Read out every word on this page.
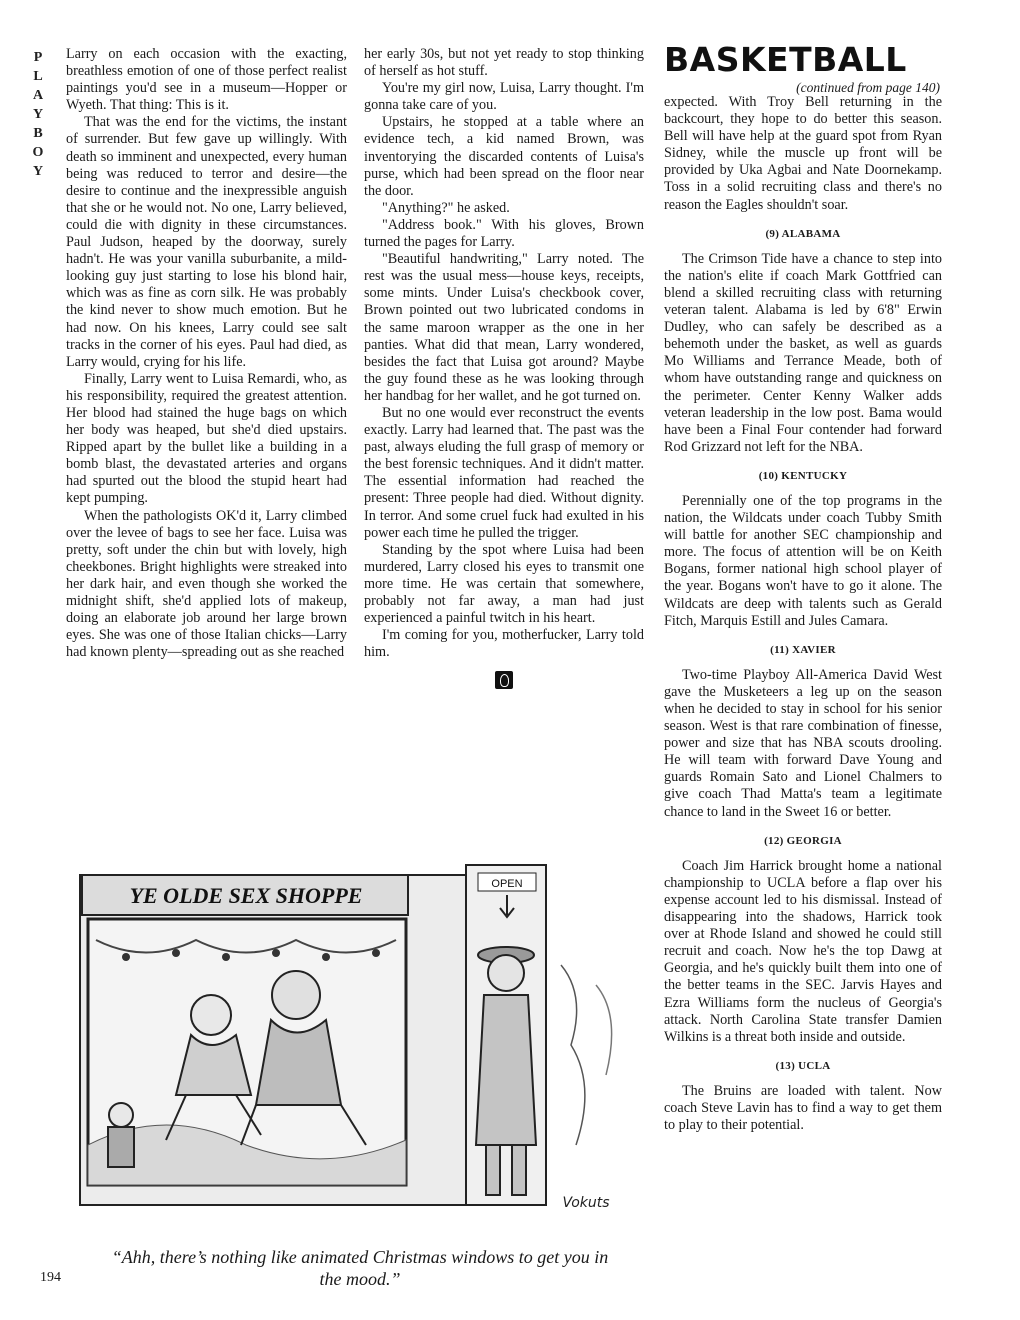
P
L
A
Y
B
O
Y

Larry on each occasion with the exacting, breathless emotion of one of those perfect realist paintings you'd see in a museum—Hopper or Wyeth. That thing: This is it.

That was the end for the victims, the instant of surrender. But few gave up willingly. With death so imminent and unexpected, every human being was reduced to terror and desire—the desire to continue and the inexpressible anguish that she or he would not. No one, Larry believed, could die with dignity in these circumstances. Paul Judson, heaped by the doorway, surely hadn't. He was your vanilla suburbanite, a mild-looking guy just starting to lose his blond hair, which was as fine as corn silk. He was probably the kind never to show much emotion. But he had now. On his knees, Larry could see salt tracks in the corner of his eyes. Paul had died, as Larry would, crying for his life.

Finally, Larry went to Luisa Remardi, who, as his responsibility, required the greatest attention. Her blood had stained the huge bags on which her body was heaped, but she'd died upstairs. Ripped apart by the bullet like a building in a bomb blast, the devastated arteries and organs had spurted out the blood the stupid heart had kept pumping.

When the pathologists OK'd it, Larry climbed over the levee of bags to see her face. Luisa was pretty, soft under the chin but with lovely, high cheekbones. Bright highlights were streaked into her dark hair, and even though she worked the midnight shift, she'd applied lots of makeup, doing an elaborate job around her large brown eyes. She was one of those Italian chicks—Larry had known plenty—spreading out as she reached

her early 30s, but not yet ready to stop thinking of herself as hot stuff.

You're my girl now, Luisa, Larry thought. I'm gonna take care of you.

Upstairs, he stopped at a table where an evidence tech, a kid named Brown, was inventorying the discarded contents of Luisa's purse, which had been spread on the floor near the door.

"Anything?" he asked.

"Address book." With his gloves, Brown turned the pages for Larry.

"Beautiful handwriting," Larry noted. The rest was the usual mess—house keys, receipts, some mints. Under Luisa's checkbook cover, Brown pointed out two lubricated condoms in the same maroon wrapper as the one in her panties. What did that mean, Larry wondered, besides the fact that Luisa got around? Maybe the guy found these as he was looking through her handbag for her wallet, and he got turned on.

But no one would ever reconstruct the events exactly. Larry had learned that. The past was the past, always eluding the full grasp of memory or the best forensic techniques. And it didn't matter. The essential information had reached the present: Three people had died. Without dignity. In terror. And some cruel fuck had exulted in his power each time he pulled the trigger.

Standing by the spot where Luisa had been murdered, Larry closed his eyes to transmit one more time. He was certain that somewhere, probably not far away, a man had just experienced a painful twitch in his heart.

I'm coming for you, motherfucker, Larry told him.

BASKETBALL
(continued from page 140)

expected. With Troy Bell returning in the backcourt, they hope to do better this season. Bell will have help at the guard spot from Ryan Sidney, while the muscle up front will be provided by Uka Agbai and Nate Doornekamp. Toss in a solid recruiting class and there's no reason the Eagles shouldn't soar.

(9) ALABAMA

The Crimson Tide have a chance to step into the nation's elite if coach Mark Gottfried can blend a skilled recruiting class with returning veteran talent. Alabama is led by 6'8" Erwin Dudley, who can safely be described as a behemoth under the basket, as well as guards Mo Williams and Terrance Meade, both of whom have outstanding range and quickness on the perimeter. Center Kenny Walker adds veteran leadership in the low post. Bama would have been a Final Four contender had forward Rod Grizzard not left for the NBA.

(10) KENTUCKY

Perennially one of the top programs in the nation, the Wildcats under coach Tubby Smith will battle for another SEC championship and more. The focus of attention will be on Keith Bogans, former national high school player of the year. Bogans won't have to go it alone. The Wildcats are deep with talents such as Gerald Fitch, Marquis Estill and Jules Camara.

(11) XAVIER

Two-time Playboy All-America David West gave the Musketeers a leg up on the season when he decided to stay in school for his senior season. West is that rare combination of finesse, power and size that has NBA scouts drooling. He will team with forward Dave Young and guards Romain Sato and Lionel Chalmers to give coach Thad Matta's team a legitimate chance to land in the Sweet 16 or better.

(12) GEORGIA

Coach Jim Harrick brought home a national championship to UCLA before a flap over his expense account led to his dismissal. Instead of disappearing into the shadows, Harrick took over at Rhode Island and showed he could still recruit and coach. Now he's the top Dawg at Georgia, and he's quickly built them into one of the better teams in the SEC. Jarvis Hayes and Ezra Williams form the nucleus of Georgia's attack. North Carolina State transfer Damien Wilkins is a threat both inside and outside.

(13) UCLA

The Bruins are loaded with talent. Now coach Steve Lavin has to find a way to get them to play to their potential.

YE OLDE SEX SHOPPE	OPEN
Vokuts
“Ahh, there’s nothing like animated Christmas windows to get you in the mood.”
194
